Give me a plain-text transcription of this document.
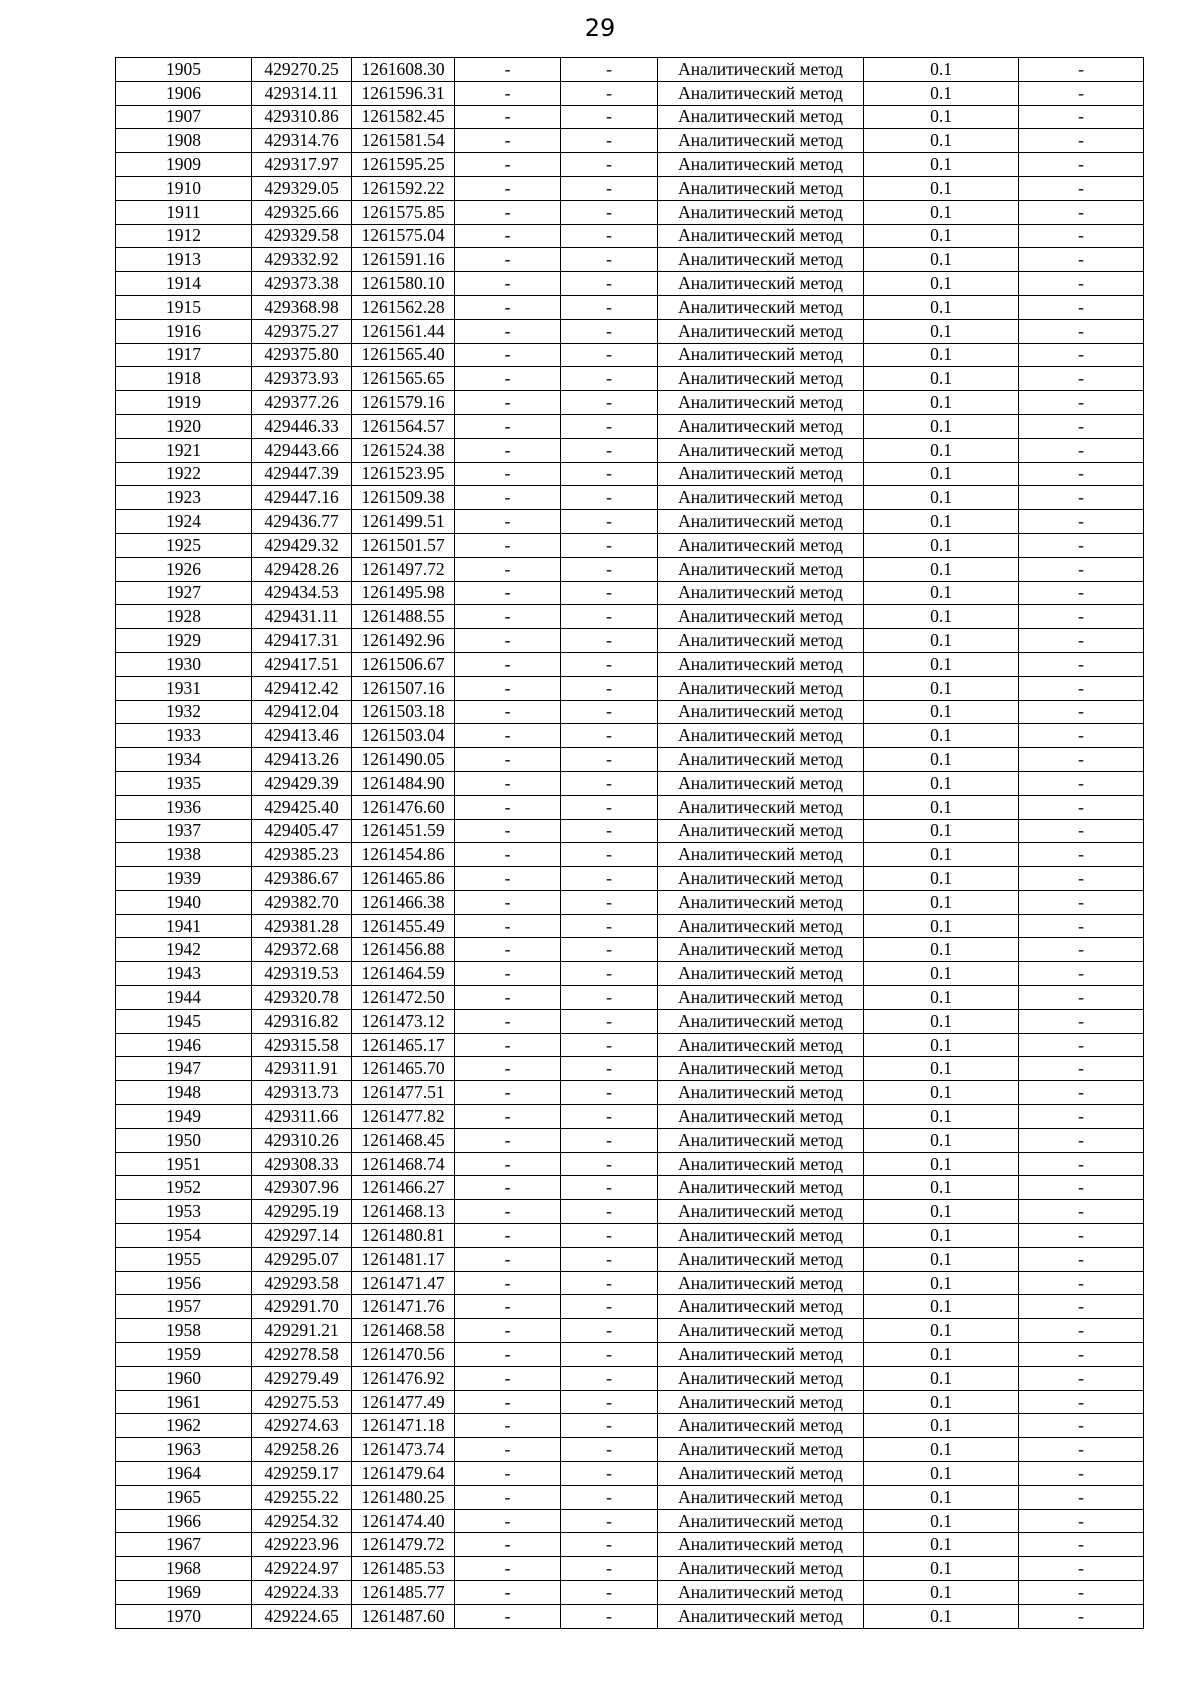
29
1905	429270.25	1261608.30	-	-	Аналитический метод	0.1	-
1906	429314.11	1261596.31	-	-	Аналитический метод	0.1	-
1907	429310.86	1261582.45	-	-	Аналитический метод	0.1	-
1908	429314.76	1261581.54	-	-	Аналитический метод	0.1	-
1909	429317.97	1261595.25	-	-	Аналитический метод	0.1	-
1910	429329.05	1261592.22	-	-	Аналитический метод	0.1	-
1911	429325.66	1261575.85	-	-	Аналитический метод	0.1	-
1912	429329.58	1261575.04	-	-	Аналитический метод	0.1	-
1913	429332.92	1261591.16	-	-	Аналитический метод	0.1	-
1914	429373.38	1261580.10	-	-	Аналитический метод	0.1	-
1915	429368.98	1261562.28	-	-	Аналитический метод	0.1	-
1916	429375.27	1261561.44	-	-	Аналитический метод	0.1	-
1917	429375.80	1261565.40	-	-	Аналитический метод	0.1	-
1918	429373.93	1261565.65	-	-	Аналитический метод	0.1	-
1919	429377.26	1261579.16	-	-	Аналитический метод	0.1	-
1920	429446.33	1261564.57	-	-	Аналитический метод	0.1	-
1921	429443.66	1261524.38	-	-	Аналитический метод	0.1	-
1922	429447.39	1261523.95	-	-	Аналитический метод	0.1	-
1923	429447.16	1261509.38	-	-	Аналитический метод	0.1	-
1924	429436.77	1261499.51	-	-	Аналитический метод	0.1	-
1925	429429.32	1261501.57	-	-	Аналитический метод	0.1	-
1926	429428.26	1261497.72	-	-	Аналитический метод	0.1	-
1927	429434.53	1261495.98	-	-	Аналитический метод	0.1	-
1928	429431.11	1261488.55	-	-	Аналитический метод	0.1	-
1929	429417.31	1261492.96	-	-	Аналитический метод	0.1	-
1930	429417.51	1261506.67	-	-	Аналитический метод	0.1	-
1931	429412.42	1261507.16	-	-	Аналитический метод	0.1	-
1932	429412.04	1261503.18	-	-	Аналитический метод	0.1	-
1933	429413.46	1261503.04	-	-	Аналитический метод	0.1	-
1934	429413.26	1261490.05	-	-	Аналитический метод	0.1	-
1935	429429.39	1261484.90	-	-	Аналитический метод	0.1	-
1936	429425.40	1261476.60	-	-	Аналитический метод	0.1	-
1937	429405.47	1261451.59	-	-	Аналитический метод	0.1	-
1938	429385.23	1261454.86	-	-	Аналитический метод	0.1	-
1939	429386.67	1261465.86	-	-	Аналитический метод	0.1	-
1940	429382.70	1261466.38	-	-	Аналитический метод	0.1	-
1941	429381.28	1261455.49	-	-	Аналитический метод	0.1	-
1942	429372.68	1261456.88	-	-	Аналитический метод	0.1	-
1943	429319.53	1261464.59	-	-	Аналитический метод	0.1	-
1944	429320.78	1261472.50	-	-	Аналитический метод	0.1	-
1945	429316.82	1261473.12	-	-	Аналитический метод	0.1	-
1946	429315.58	1261465.17	-	-	Аналитический метод	0.1	-
1947	429311.91	1261465.70	-	-	Аналитический метод	0.1	-
1948	429313.73	1261477.51	-	-	Аналитический метод	0.1	-
1949	429311.66	1261477.82	-	-	Аналитический метод	0.1	-
1950	429310.26	1261468.45	-	-	Аналитический метод	0.1	-
1951	429308.33	1261468.74	-	-	Аналитический метод	0.1	-
1952	429307.96	1261466.27	-	-	Аналитический метод	0.1	-
1953	429295.19	1261468.13	-	-	Аналитический метод	0.1	-
1954	429297.14	1261480.81	-	-	Аналитический метод	0.1	-
1955	429295.07	1261481.17	-	-	Аналитический метод	0.1	-
1956	429293.58	1261471.47	-	-	Аналитический метод	0.1	-
1957	429291.70	1261471.76	-	-	Аналитический метод	0.1	-
1958	429291.21	1261468.58	-	-	Аналитический метод	0.1	-
1959	429278.58	1261470.56	-	-	Аналитический метод	0.1	-
1960	429279.49	1261476.92	-	-	Аналитический метод	0.1	-
1961	429275.53	1261477.49	-	-	Аналитический метод	0.1	-
1962	429274.63	1261471.18	-	-	Аналитический метод	0.1	-
1963	429258.26	1261473.74	-	-	Аналитический метод	0.1	-
1964	429259.17	1261479.64	-	-	Аналитический метод	0.1	-
1965	429255.22	1261480.25	-	-	Аналитический метод	0.1	-
1966	429254.32	1261474.40	-	-	Аналитический метод	0.1	-
1967	429223.96	1261479.72	-	-	Аналитический метод	0.1	-
1968	429224.97	1261485.53	-	-	Аналитический метод	0.1	-
1969	429224.33	1261485.77	-	-	Аналитический метод	0.1	-
1970	429224.65	1261487.60	-	-	Аналитический метод	0.1	-
